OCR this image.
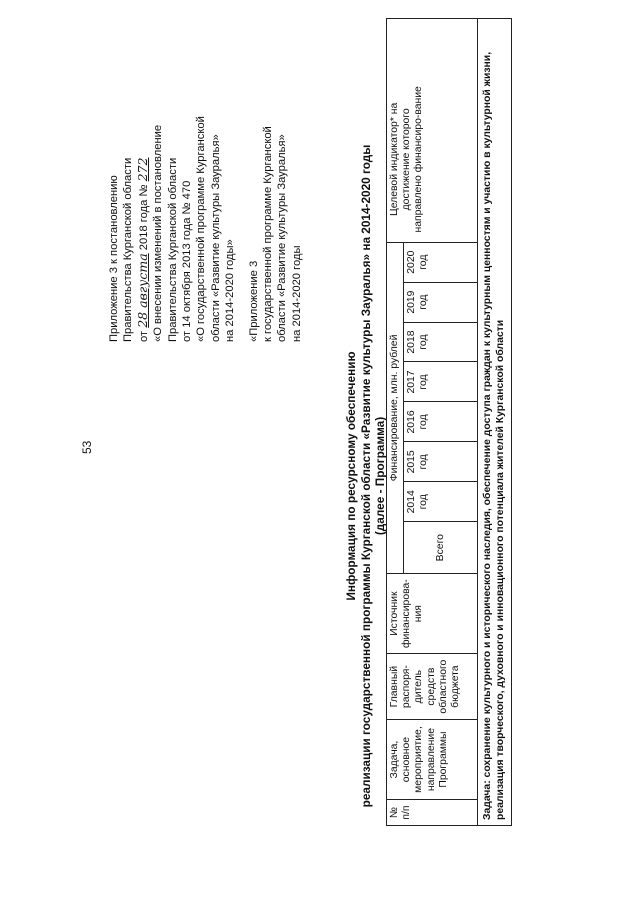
53
Приложение 3 к постановлению Правительства Курганской области от 28 августа 2018 года № 272
«О внесении изменений в постановление Правительства Курганской области от 14 октября 2013 года № 470 «О государственной программе Курганской области «Развитие культуры Зауралья» на 2014-2020 годы» «Приложение 3 к государственной программе Курганской области «Развитие культуры Зауралья» на 2014-2020 годы
Информация по ресурсному обеспечению реализации государственной программы Курганской области «Развитие культуры Зауралья» на 2014-2020 годы (далее - Программа)
№ п/п	Задача, основное мероприятие, направление Программы	Главный распоря-дитель средств областного бюджета	Источник финансирова-ния	Финансирование, млн. рублей								Целевой индикатор* на достижение которого направлено финансиро-вание
				Всего	2014 год	2015 год	2016 год	2017 год	2018 год	2019 год	2020 год	
Задача: сохранение культурного и исторического наследия, обеспечение доступа граждан к культурным ценностям и участию в культурной жизни, реализация творческого, духовного и инновационного потенциала жителей Курганской области												
